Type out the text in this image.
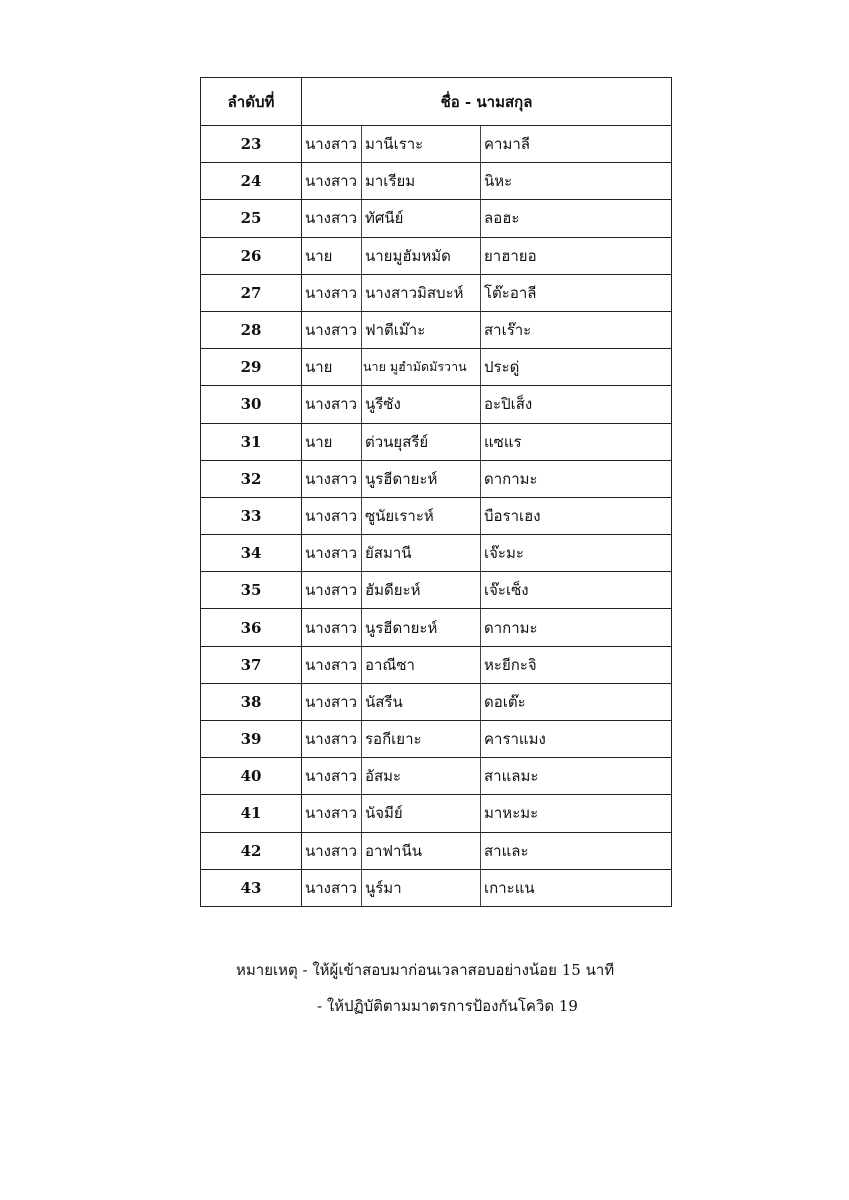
ลำดับที่	ชื่อ - นามสกุล		
23	นางสาว	มานีเราะ	คามาลี
24	นางสาว	มาเรียม	นิหะ
25	นางสาว	ทัศนีย์	ลอฮะ
26	นาย	นายมูฮัมหมัด	ยาฮายอ
27	นางสาว	นางสาวมิสบะห์	โต๊ะอาลี
28	นางสาว	ฟาตีเม๊าะ	สาเร๊าะ
29	นาย	นาย มูฮำมัดมัรวาน	ประดู่
30	นางสาว	นูรีซัง	อะปิเส็ง
31	นาย	ต่วนยุสรีย์	แซแร
32	นางสาว	นูรฮีดายะห์	ดากามะ
33	นางสาว	ซูนัยเราะห์	บือราเฮง
34	นางสาว	ยัสมานี	เจ๊ะมะ
35	นางสาว	ฮัมดียะห์	เจ๊ะเซ็ง
36	นางสาว	นูรฮีดายะห์	ดากามะ
37	นางสาว	อาณีซา	หะยีกะจิ
38	นางสาว	นัสรีน	ดอเต๊ะ
39	นางสาว	รอกีเยาะ	คาราแมง
40	นางสาว	อัสมะ	สาแลมะ
41	นางสาว	นัจมีย์	มาหะมะ
42	นางสาว	อาฟานีน	สาและ
43	นางสาว	นูร์มา	เกาะแน
หมายเหตุ - ให้ผู้เข้าสอบมาก่อนเวลาสอบอย่างน้อย 15 นาที
- ให้ปฏิบัติตามมาตรการป้องกันโควิด 19
